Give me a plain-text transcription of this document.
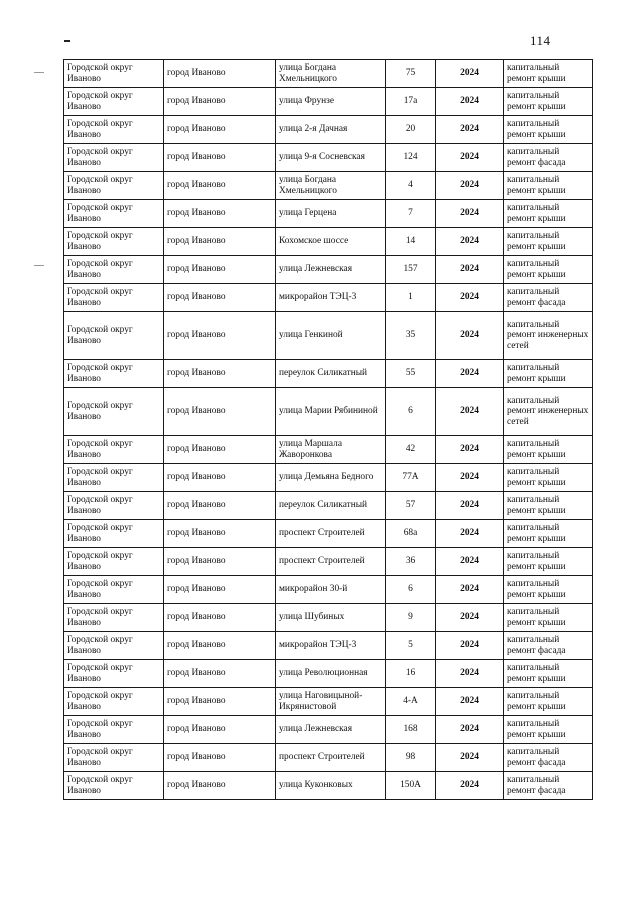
114
Городской округ Иваново	город Иваново	улица Богдана Хмельницкого	75	2024	капитальный ремонт крыши
Городской округ Иваново	город Иваново	улица Фрунзе	17а	2024	капитальный ремонт крыши
Городской округ Иваново	город Иваново	улица 2-я Дачная	20	2024	капитальный ремонт крыши
Городской округ Иваново	город Иваново	улица 9-я Сосневская	124	2024	капитальный ремонт фасада
Городской округ Иваново	город Иваново	улица Богдана Хмельницкого	4	2024	капитальный ремонт крыши
Городской округ Иваново	город Иваново	улица Герцена	7	2024	капитальный ремонт крыши
Городской округ Иваново	город Иваново	Кохомское шоссе	14	2024	капитальный ремонт крыши
Городской округ Иваново	город Иваново	улица Лежневская	157	2024	капитальный ремонт крыши
Городской округ Иваново	город Иваново	микрорайон ТЭЦ-3	1	2024	капитальный ремонт фасада
Городской округ Иваново	город Иваново	улица Генкиной	35	2024	капитальный ремонт инженерных сетей
Городской округ Иваново	город Иваново	переулок Силикатный	55	2024	капитальный ремонт крыши
Городской округ Иваново	город Иваново	улица Марии Рябининой	6	2024	капитальный ремонт инженерных сетей
Городской округ Иваново	город Иваново	улица Маршала Жаворонкова	42	2024	капитальный ремонт крыши
Городской округ Иваново	город Иваново	улица Демьяна Бедного	77А	2024	капитальный ремонт крыши
Городской округ Иваново	город Иваново	переулок Силикатный	57	2024	капитальный ремонт крыши
Городской округ Иваново	город Иваново	проспект Строителей	68а	2024	капитальный ремонт крыши
Городской округ Иваново	город Иваново	проспект Строителей	36	2024	капитальный ремонт крыши
Городской округ Иваново	город Иваново	микрорайон 30-й	6	2024	капитальный ремонт крыши
Городской округ Иваново	город Иваново	улица Шубиных	9	2024	капитальный ремонт крыши
Городской округ Иваново	город Иваново	микрорайон ТЭЦ-3	5	2024	капитальный ремонт фасада
Городской округ Иваново	город Иваново	улица Революционная	16	2024	капитальный ремонт крыши
Городской округ Иваново	город Иваново	улица Наговицыной-Икрянистовой	4-А	2024	капитальный ремонт крыши
Городской округ Иваново	город Иваново	улица Лежневская	168	2024	капитальный ремонт крыши
Городской округ Иваново	город Иваново	проспект Строителей	98	2024	капитальный ремонт фасада
Городской округ Иваново	город Иваново	улица Куконковых	150А	2024	капитальный ремонт фасада
